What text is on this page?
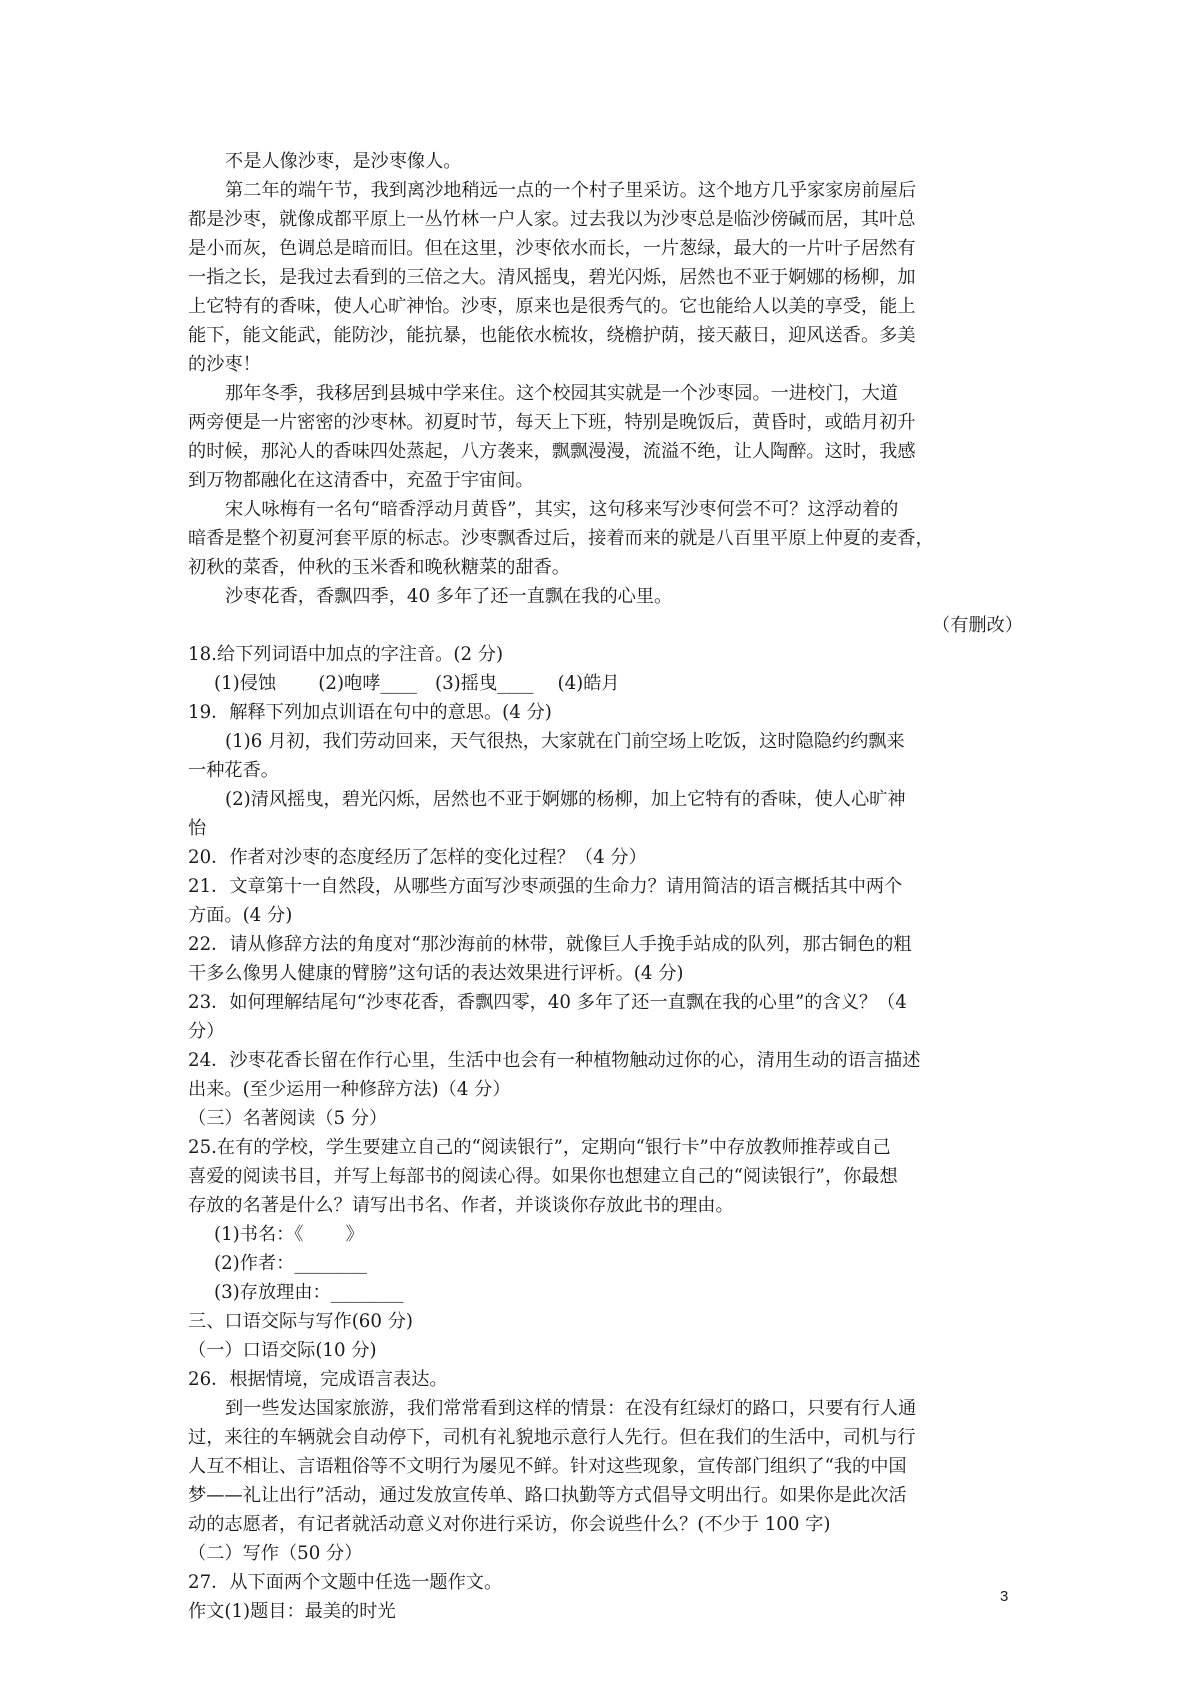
不是人像沙枣，是沙枣像人。
第二年的端午节，我到离沙地稍远一点的一个村子里采访。这个地方几乎家家房前屋后
都是沙枣，就像成都平原上一丛竹林一户人家。过去我以为沙枣总是临沙傍碱而居，其叶总
是小而灰，色调总是暗而旧。但在这里，沙枣依水而长，一片葱绿，最大的一片叶子居然有
一指之长，是我过去看到的三倍之大。清风摇曳，碧光闪烁，居然也不亚于婀娜的杨柳，加
上它特有的香味，使人心旷神怡。沙枣，原来也是很秀气的。它也能给人以美的享受，能上
能下，能文能武，能防沙，能抗暴，也能依水梳妆，绕檐护荫，接天蔽日，迎风送香。多美
的沙枣！
那年冬季，我移居到县城中学来住。这个校园其实就是一个沙枣园。一进校门，大道
两旁便是一片密密的沙枣林。初夏时节，每天上下班，特别是晚饭后，黄昏时，或皓月初升
的时候，那沁人的香味四处蒸起，八方袭来，飘飘漫漫，流溢不绝，让人陶醉。这时，我感
到万物都融化在这清香中，充盈于宇宙间。
宋人咏梅有一名句“暗香浮动月黄昏”，其实，这句移来写沙枣何尝不可？这浮动着的
暗香是整个初夏河套平原的标志。沙枣飘香过后，接着而来的就是八百里平原上仲夏的麦香，
初秋的菜香，仲秋的玉米香和晚秋糖菜的甜香。
沙枣花香，香飘四季，40 多年了还一直飘在我的心里。
（有删改）
18.给下列词语中加点的字注音。(2 分)
(1)侵蚀　　 (2)咆哮____　(3)摇曳____　 (4)皓月
19．解释下列加点训语在句中的意思。(4 分)
(1)6 月初，我们劳动回来，天气很热，大家就在门前空场上吃饭，这时隐隐约约飘来
一种花香。
(2)清风摇曳，碧光闪烁，居然也不亚于婀娜的杨柳，加上它特有的香味，使人心旷神
怡
20．作者对沙枣的态度经历了怎样的变化过程？（4 分）
21．文章第十一自然段，从哪些方面写沙枣顽强的生命力？请用简洁的语言概括其中两个
方面。(4 分)
22．请从修辞方法的角度对“那沙海前的林带，就像巨人手挽手站成的队列，那古铜色的粗
干多么像男人健康的臂膀”这句话的表达效果进行评析。(4 分)
23．如何理解结尾句“沙枣花香，香飘四零，40 多年了还一直飘在我的心里”的含义？（4
分）
24．沙枣花香长留在作行心里，生活中也会有一种植物触动过你的心，清用生动的语言描述
出来。(至少运用一种修辞方法)（4 分）
（三）名著阅读（5 分）
25.在有的学校，学生要建立自己的“阅读银行”，定期向“银行卡”中存放教师推荐或自己
喜爱的阅读书目，并写上每部书的阅读心得。如果你也想建立自己的“阅读银行”，你最想
存放的名著是什么？请写出书名、作者，并谈谈你存放此书的理由。
(1)书名：《　　 》
(2)作者：________
(3)存放理由：________
三、口语交际与写作(60 分)
（一）口语交际(10 分)
26．根据情境，完成语言表达。
到一些发达国家旅游，我们常常看到这样的情景：在没有红绿灯的路口，只要有行人通
过，来往的车辆就会自动停下，司机有礼貌地示意行人先行。但在我们的生活中，司机与行
人互不相让、言语粗俗等不文明行为屡见不鲜。针对这些现象，宣传部门组织了“我的中国
梦——礼让出行”活动，通过发放宣传单、路口执勤等方式倡导文明出行。如果你是此次活
动的志愿者，有记者就活动意义对你进行采访，你会说些什么？(不少于 100 字)
（二）写作（50 分）
27．从下面两个文题中任选一题作文。
作文(1)题目：最美的时光
3
